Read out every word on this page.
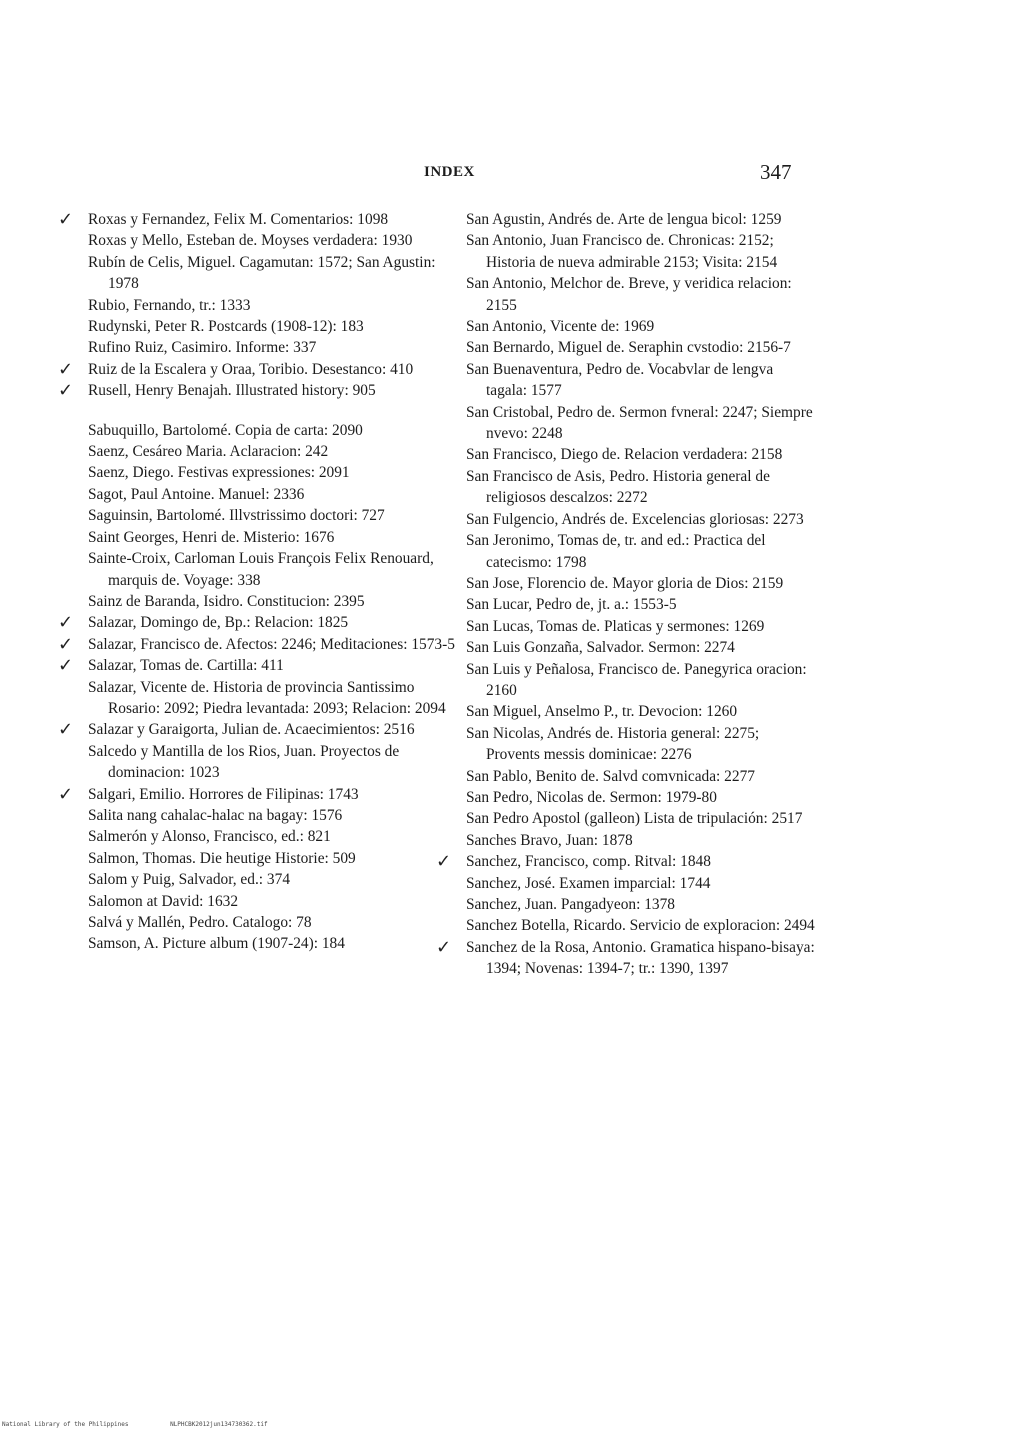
INDEX	347

✓ Roxas y Fernandez, Felix M. Comentarios: 1098

Roxas y Mello, Esteban de. Moyses verdadera: 1930

Rubín de Celis, Miguel. Cagamutan: 1572; San Agustin: 1978

Rubio, Fernando, tr.: 1333

Rudynski, Peter R. Postcards (1908-12): 183

Rufino Ruiz, Casimiro. Informe: 337

✓ Ruiz de la Escalera y Oraa, Toribio. Desestanco: 410

✓ Rusell, Henry Benajah. Illustrated history: 905

Sabuquillo, Bartolomé. Copia de carta: 2090

Saenz, Cesáreo Maria. Aclaracion: 242

Saenz, Diego. Festivas expressiones: 2091

Sagot, Paul Antoine. Manuel: 2336

Saguinsin, Bartolomé. Illvstrissimo doctori: 727

Saint Georges, Henri de. Misterio: 1676

Sainte-Croix, Carloman Louis François Felix Renouard, marquis de. Voyage: 338

Sainz de Baranda, Isidro. Constitucion: 2395

✓ Salazar, Domingo de, Bp.: Relacion: 1825

✓ Salazar, Francisco de. Afectos: 2246; Meditaciones: 1573-5

✓ Salazar, Tomas de. Cartilla: 411

Salazar, Vicente de. Historia de provincia Santissimo Rosario: 2092; Piedra levantada: 2093; Relacion: 2094

✓ Salazar y Garaigorta, Julian de. Acaecimientos: 2516

Salcedo y Mantilla de los Rios, Juan. Proyectos de dominacion: 1023

✓ Salgari, Emilio. Horrores de Filipinas: 1743

Salita nang cahalac-halac na bagay: 1576

Salmerón y Alonso, Francisco, ed.: 821

Salmon, Thomas. Die heutige Historie: 509

Salom y Puig, Salvador, ed.: 374

Salomon at David: 1632

Salvá y Mallén, Pedro. Catalogo: 78

Samson, A. Picture album (1907-24): 184

San Agustin, Andrés de. Arte de lengua bicol: 1259

San Antonio, Juan Francisco de. Chronicas: 2152; Historia de nueva admirable 2153; Visita: 2154

San Antonio, Melchor de. Breve, y veridica relacion: 2155

San Antonio, Vicente de: 1969

San Bernardo, Miguel de. Seraphin cvstodio: 2156-7

San Buenaventura, Pedro de. Vocabvlar de lengva tagala: 1577

San Cristobal, Pedro de. Sermon fvneral: 2247; Siempre nvevo: 2248

San Francisco, Diego de. Relacion verdadera: 2158

San Francisco de Asis, Pedro. Historia general de religiosos descalzos: 2272

San Fulgencio, Andrés de. Excelencias gloriosas: 2273

San Jeronimo, Tomas de, tr. and ed.: Practica del catecismo: 1798

San Jose, Florencio de. Mayor gloria de Dios: 2159

San Lucar, Pedro de, jt. a.: 1553-5

San Lucas, Tomas de. Platicas y sermones: 1269

San Luis Gonzaña, Salvador. Sermon: 2274

San Luis y Peñalosa, Francisco de. Panegyrica oracion: 2160

San Miguel, Anselmo P., tr. Devocion: 1260

San Nicolas, Andrés de. Historia general: 2275; Provents messis dominicae: 2276

San Pablo, Benito de. Salvd comvnicada: 2277

San Pedro, Nicolas de. Sermon: 1979-80

San Pedro Apostol (galleon) Lista de tripulación: 2517

Sanches Bravo, Juan: 1878

✓ Sanchez, Francisco, comp. Ritval: 1848

Sanchez, José. Examen imparcial: 1744

Sanchez, Juan. Pangadyeon: 1378

Sanchez Botella, Ricardo. Servicio de exploracion: 2494

✓ Sanchez de la Rosa, Antonio. Gramatica hispano-bisaya: 1394; Novenas: 1394-7; tr.: 1390, 1397

National Library of the Philippines	NLPHCBK2012jun134730362.tif
